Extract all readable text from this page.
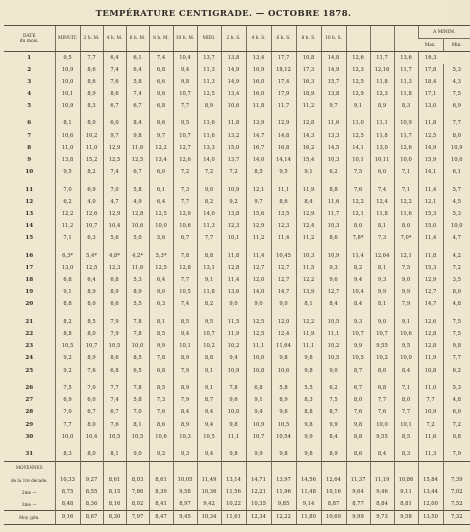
TEMPÉRATURE CENTIGRADE. — OCTOBRE 1878.
DATE
du mois.	MINUIT.	2 h. M.	4 h. M.	6 h. M.	8 h. M.	10 h. M.	MIDI.	2 h. S.	4 h. S.	6 h. S.	8 h. S.	10 h. S.				A MINIM.	
																Max.	Min.
1	9,5	7,7	6,4	6,1	7,4	10,4	13,7	13,8	13,4	17,7	10,8	14,8	12,6	11,7	13,6	16,3	
2	10,9	8,6	7,4	6,4	6,8	9,4	11,3	14,9	10,9	18,12	17,3	14,9	12,3	12,16	11,7	17,8	5,3
3	10,0	8,6	7,6	5,8	6,6	9,8	11,3	14,9	16,0	17,4	16,3	15,7	12,5	11,8	11,3	18,4	4,3
4	10,1	8,9	8,6	7,4	9,6	10,7	12,5	13,4	16,0	17,9	18,9	13,8	12,9	12,3	11,8	17,1	7,5
5	10,9	8,3	6,7	6,7	6,8	7,7	8,9	10,6	11,8	11,7	11,2	9,7	9,1	8,9	8,3	13,0	6,9
6	8,1	8,0	6,0	8,4	8,6	9,5	11,6	11,8	13,9	12,9	12,8	11,6	11,0	11,1	10,9	11,8	7,7
7	10,6	10,2	9,7	9,8	9,7	10,7	11,6	13,2	14,7	14,8	14,3	13,3	12,5	11,8	11,7	12,5	8,0
8	11,0	11,0	12,9	11,6	12,2	12,7	13,3	15,0	16,7	16,8	16,2	14,5	14,1	13,0	12,6	14,9	10,9
9	13,8	15,2	12,5	12,5	13,4	12,6	14,0	13,7	14,0	14,14	15,4	10,3	10,1	10,11	10,0	15,9	10,0
10	9,5	8,2	7,4	6,7	6,0	7,2	7,2	7,2	8,5	9,5	9,1	6,2	7,5	6,0	7,1	14,1	6,1
11	7,0	6,9	7,0	5,8	6,1	7,3	9,0	10,9	12,1	11,1	11,9	8,8	7,6	7,4	7,1	11,4	5,7
12	6,2	4,0	4,7	4,9	6,4	7,7	8,2	9,2	9,7	8,6	8,4	11,6	12,2	12,4	12,2	12,1	4,5
13	12,2	12,6	12,9	12,8	12,5	12,9	14,0	13,8	15,6	13,5	12,9	11,7	12,1	11,8	11,6	15,3	5,3
14	11,2	10,7	10,4	10,6	10,0	10,6	11,3	12,3	12,9	12,3	12,4	10,3	8,0	8,1	8,0	15,0	10,0
15	7,1	6,3	5,6	5,0	5,6	6,7	7,7	10,1	11,2	11,4	11,2	8,6	7,8*	7,3	7,0*	11,4	4,7
16	6,3*	5,4*	4,8*	4,2*	5,3*	7,8	8,8	11,8	11,4	10,45	10,3	10,9	11,4	12,64	12,1	11,8	4,2
17	13,0	12,5	12,3	11,6	12,5	12,8	13,1	12,8	12,7	12,7	11,5	9,3	8,2	8,1	7,5	15,3	7,2
18	6,8	6,4	6,8	5,3	6,4	7,7	9,1	11,4	12,0	12,7	12,2	9,6	9,4	9,3	9,0	12,9	3,5
19	9,1	8,9	8,9	8,9	9,0	10,5	11,8	13,6	14,0	14,7	13,9	12,7	10,4	9,9	9,9	12,7	8,0
20	8,8	8,0	6,6	5,5	6,3	7,4	8,2	9,0	9,0	9,0	8,1	8,4	8,4	8,1	7,9	14,7	4,8
21	8,2	8,5	7,9	7,8	8,1	8,5	9,5	11,5	12,5	12,0	12,2	10,5	9,3	9,0	9,1	12,6	7,5
22	8,8	8,0	7,9	7,8	8,5	9,4	10,7	11,9	12,5	12,4	11,9	11,1	10,7	10,7	10,6	12,8	7,5
23	10,5	10,7	10,5	10,0	9,9	10,1	10,2	10,2	11,1	11,64	11,1	10,2	9,9	9,55	9,5	12,8	9,8
24	9,2	8,9	8,6	8,5	7,8	8,9	8,8	9,4	10,0	9,8	9,8	10,5	10,5	10,2	10,0	11,9	7,7
25	9,2	7,6	6,8	6,5	6,8	7,9	9,1	10,9	10,8	10,6	9,8	9,0	8,7	8,6	8,4	10,8	6,2
26	7,5	7,0	7,7	7,8	8,5	8,9	9,1	7,8	6,8	5,8	5,5	6,2	6,7	6,8	7,1	11,0	5,3
27	6,9	6,0	7,4	5,8	7,3	7,9	8,7	9,6	9,1	8,9	8,3	7,5	8,0	7,7	8,0	7,7	4,8
28	7,0	6,7	6,7	7,0	7,6	8,4	9,4	10,0	9,4	9,6	8,8	8,7	7,6	7,6	7,7	10,9	6,0
29	7,7	8,0	7,6	8,1	8,6	8,9	9,4	9,8	10,9	10,5	9,8	9,9	9,8	10,0	10,1	7,2	7,2
30	10,0	10,4	10,5	10,5	10,6	10,3	10,5	11,1	10,7	10,54	9,9	8,4	8,8	9,55	8,5	11,6	9,8
31	8,3	8,0	8,1	9,0	9,2	9,3	9,4	9,8	9,9	9,8	9,8	8,9	8,6	8,4	8,3	11,3	7,9
MOYENNES																	
de la 1re décade.	10,33	9,27	8,61	8,03	8,61	10,05	11,49	13,14	14,71	13,97	14,56	12,64	11,37	11,19	10,86	15,84	7,39
2me —	8,75	8,55	8,15	7,86	8,39	9,58	10,36	11,56	12,21	11,96	11,48	10,16	9,64	9,46	9,11	13,44	7,02
3me —	8,48	8,36	8,16	8,02	8,41	8,97	9,42	10,22	10,35	9,85	9,14	8,87	8,77	8,84	8,81	12,00	7,52
Moy. gén.	9,16	8,67	8,30	7,97	8,47	9,45	10,34	11,61	12,34	12,22	11,80	10,69	9,99	9,73	9,58	13,50	7,32
